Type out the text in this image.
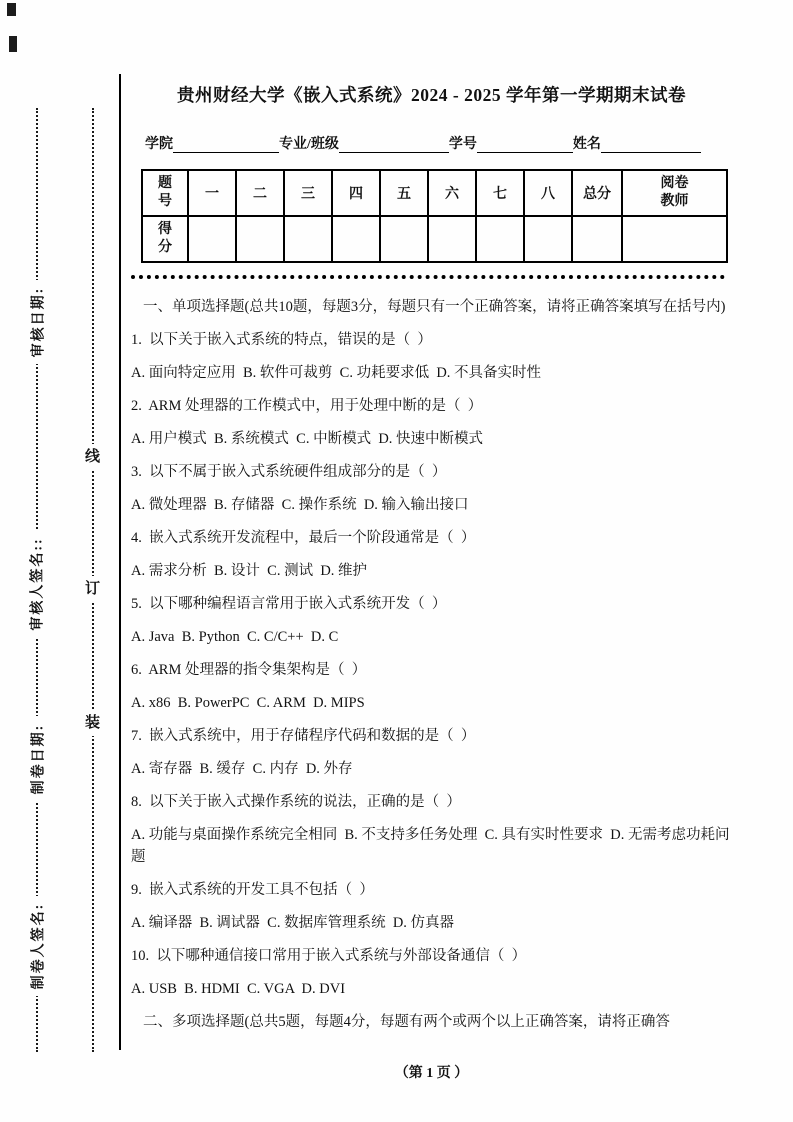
审核日期:
审核人签名::
制卷日期:
制卷人签名:
线
订
装
贵州财经大学《嵌入式系统》2024 - 2025 学年第一学期期末试卷
学院	专业/班级	学号	姓名
题号	一	二	三	四	五	六	七	八	总分	阅卷教师
得分										

一、单项选择题(总共10题，每题3分，每题只有一个正确答案，请将正确答案填写在括号内)

1.  以下关于嵌入式系统的特点，错误的是（  ）

A. 面向特定应用  B. 软件可裁剪  C. 功耗要求低  D. 不具备实时性

2.  ARM 处理器的工作模式中，用于处理中断的是（  ）

A. 用户模式  B. 系统模式  C. 中断模式  D. 快速中断模式

3.  以下不属于嵌入式系统硬件组成部分的是（  ）

A. 微处理器  B. 存储器  C. 操作系统  D. 输入输出接口

4.  嵌入式系统开发流程中，最后一个阶段通常是（  ）

A. 需求分析  B. 设计  C. 测试  D. 维护

5.  以下哪种编程语言常用于嵌入式系统开发（  ）

A. Java  B. Python  C. C/C++  D. C

6.  ARM 处理器的指令集架构是（  ）

A. x86  B. PowerPC  C. ARM  D. MIPS

7.  嵌入式系统中，用于存储程序代码和数据的是（  ）

A. 寄存器  B. 缓存  C. 内存  D. 外存

8.  以下关于嵌入式操作系统的说法，正确的是（  ）

A. 功能与桌面操作系统完全相同  B. 不支持多任务处理  C. 具有实时性要求  D. 无需考虑功耗问题

9.  嵌入式系统的开发工具不包括（  ）

A. 编译器  B. 调试器  C. 数据库管理系统  D. 仿真器

10.  以下哪种通信接口常用于嵌入式系统与外部设备通信（  ）

A. USB  B. HDMI  C. VGA  D. DVI

二、多项选择题(总共5题，每题4分，每题有两个或两个以上正确答案，请将正确答

（第 1 页 ）
